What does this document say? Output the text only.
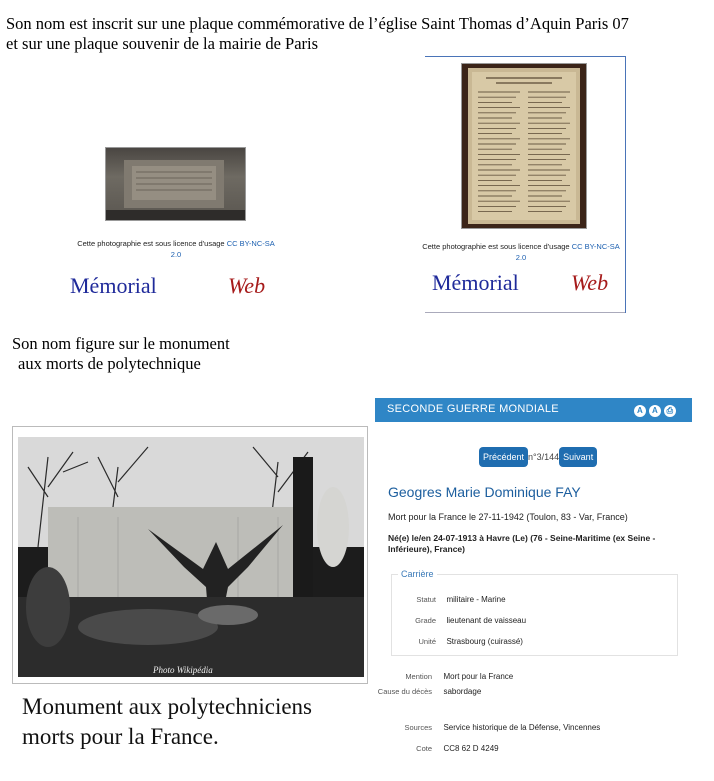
Son nom est inscrit sur une plaque commémorative de l’église Saint Thomas d’Aquin Paris 07
et sur une plaque souvenir de la mairie de Paris
Cette photographie est sous licence d'usage CC BY-NC-SA
2.0
Mémorial	Web
Cette photographie est sous licence d'usage CC BY-NC-SA
2.0
Mémorial Web
Son nom figure sur le monument
aux morts de polytechnique
Photo Wikipédia
Monument aux polytechniciens
morts pour la France.
SECONDE GUERRE MONDIALE	A A ⎙
Précédent n°3/144 Suivant
Geogres Marie Dominique FAY
Mort pour la France le 27-11-1942 (Toulon, 83 - Var, France)
Né(e) le/en 24-07-1913 à Havre (Le) (76 - Seine-Maritime (ex Seine -Inférieure), France)
Carrière
Statut militaire - Marine
Grade lieutenant de vaisseau
Unité Strasbourg (cuirassé)
Mention Mort pour la France
Cause du décès $^{sabordage}$
Sources Service historique de la Défense, Vincennes
Cote CC8 62 D 4249
